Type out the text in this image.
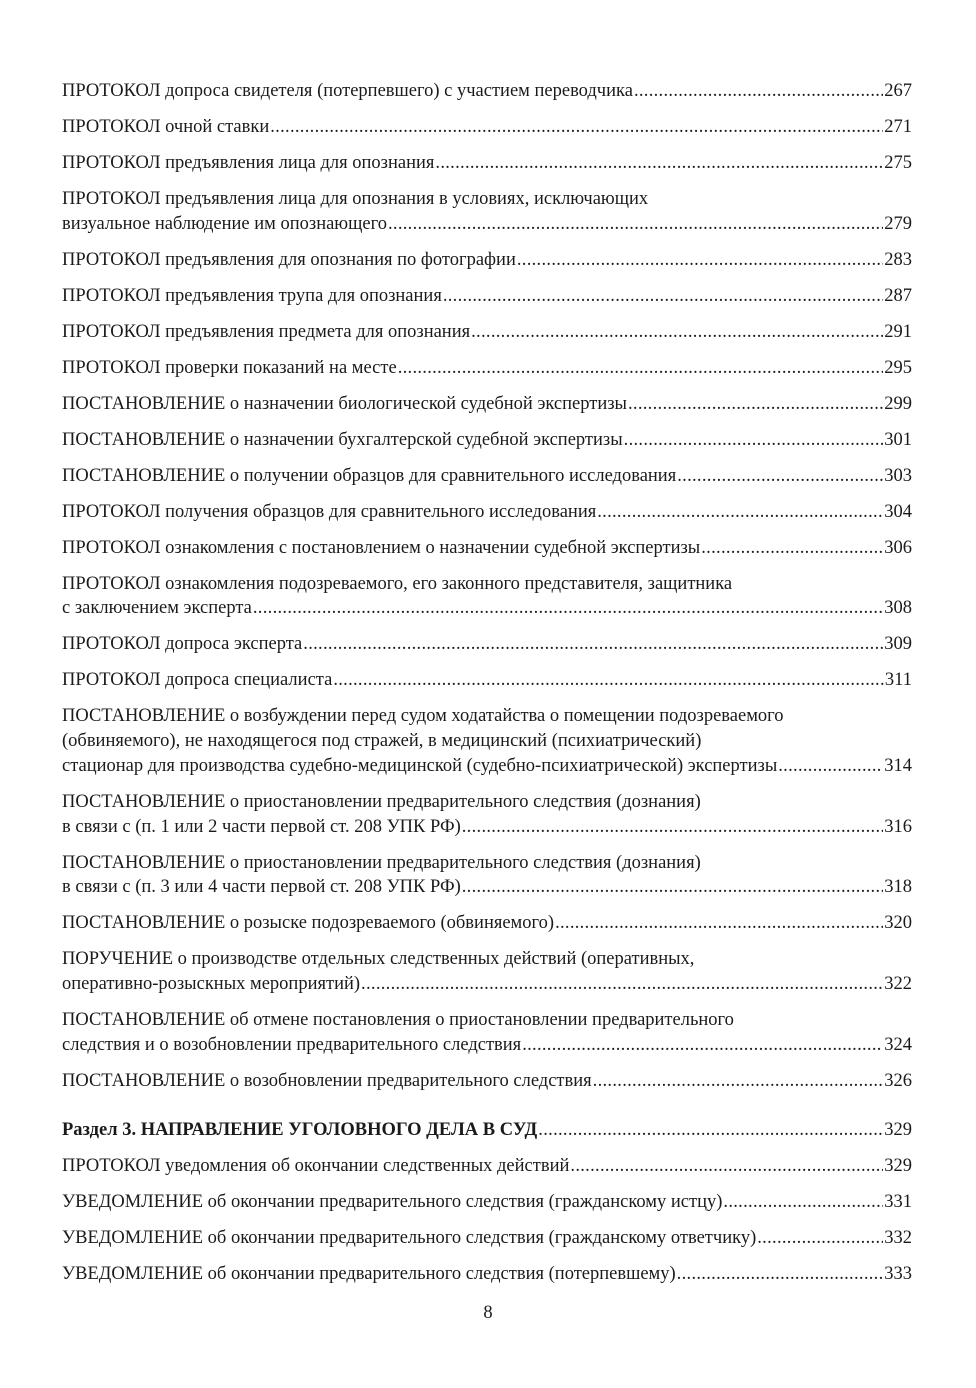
ПРОТОКОЛ допроса свидетеля (потерпевшего) с участием переводчика .....	267
ПРОТОКОЛ очной ставки .....	271
ПРОТОКОЛ предъявления лица для опознания .....	275
ПРОТОКОЛ предъявления лица для опознания в условиях, исключающих
визуальное наблюдение им опознающего .....	279
ПРОТОКОЛ предъявления для опознания по фотографии .....	283
ПРОТОКОЛ предъявления трупа для опознания .....	287
ПРОТОКОЛ предъявления предмета для опознания .....	291
ПРОТОКОЛ проверки показаний на месте .....	295
ПОСТАНОВЛЕНИЕ о назначении биологической судебной экспертизы .....	299
ПОСТАНОВЛЕНИЕ о назначении бухгалтерской судебной экспертизы .....	301
ПОСТАНОВЛЕНИЕ о получении образцов для сравнительного исследования .....	303
ПРОТОКОЛ получения образцов для сравнительного исследования .....	304
ПРОТОКОЛ ознакомления с постановлением о назначении судебной экспертизы .....	306
ПРОТОКОЛ ознакомления подозреваемого, его законного представителя, защитника
с заключением эксперта .....	308
ПРОТОКОЛ допроса эксперта .....	309
ПРОТОКОЛ допроса специалиста .....	311
ПОСТАНОВЛЕНИЕ о возбуждении перед судом ходатайства о помещении подозреваемого
(обвиняемого), не находящегося под стражей, в медицинский (психиатрический)
стационар для производства судебно-медицинской (судебно-психиатрической) экспертизы .....	314
ПОСТАНОВЛЕНИЕ о приостановлении предварительного следствия (дознания)
в связи с (п. 1 или 2 части первой ст. 208 УПК РФ) .....	316
ПОСТАНОВЛЕНИЕ о приостановлении предварительного следствия (дознания)
в связи с (п. 3 или 4 части первой ст. 208 УПК РФ) .....	318
ПОСТАНОВЛЕНИЕ о розыске подозреваемого (обвиняемого) .....	320
ПОРУЧЕНИЕ о производстве отдельных следственных действий (оперативных,
оперативно-розыскных мероприятий) .....	322
ПОСТАНОВЛЕНИЕ об отмене постановления о приостановлении предварительного
следствия и о возобновлении предварительного следствия .....	324
ПОСТАНОВЛЕНИЕ о возобновлении предварительного следствия .....	326
Раздел 3. НАПРАВЛЕНИЕ УГОЛОВНОГО ДЕЛА В СУД .....	329
ПРОТОКОЛ уведомления об окончании следственных действий .....	329
УВЕДОМЛЕНИЕ об окончании предварительного следствия (гражданскому истцу) .....	331
УВЕДОМЛЕНИЕ об окончании предварительного следствия (гражданскому ответчику) .....	332
УВЕДОМЛЕНИЕ об окончании предварительного следствия (потерпевшему) .....	333
8
